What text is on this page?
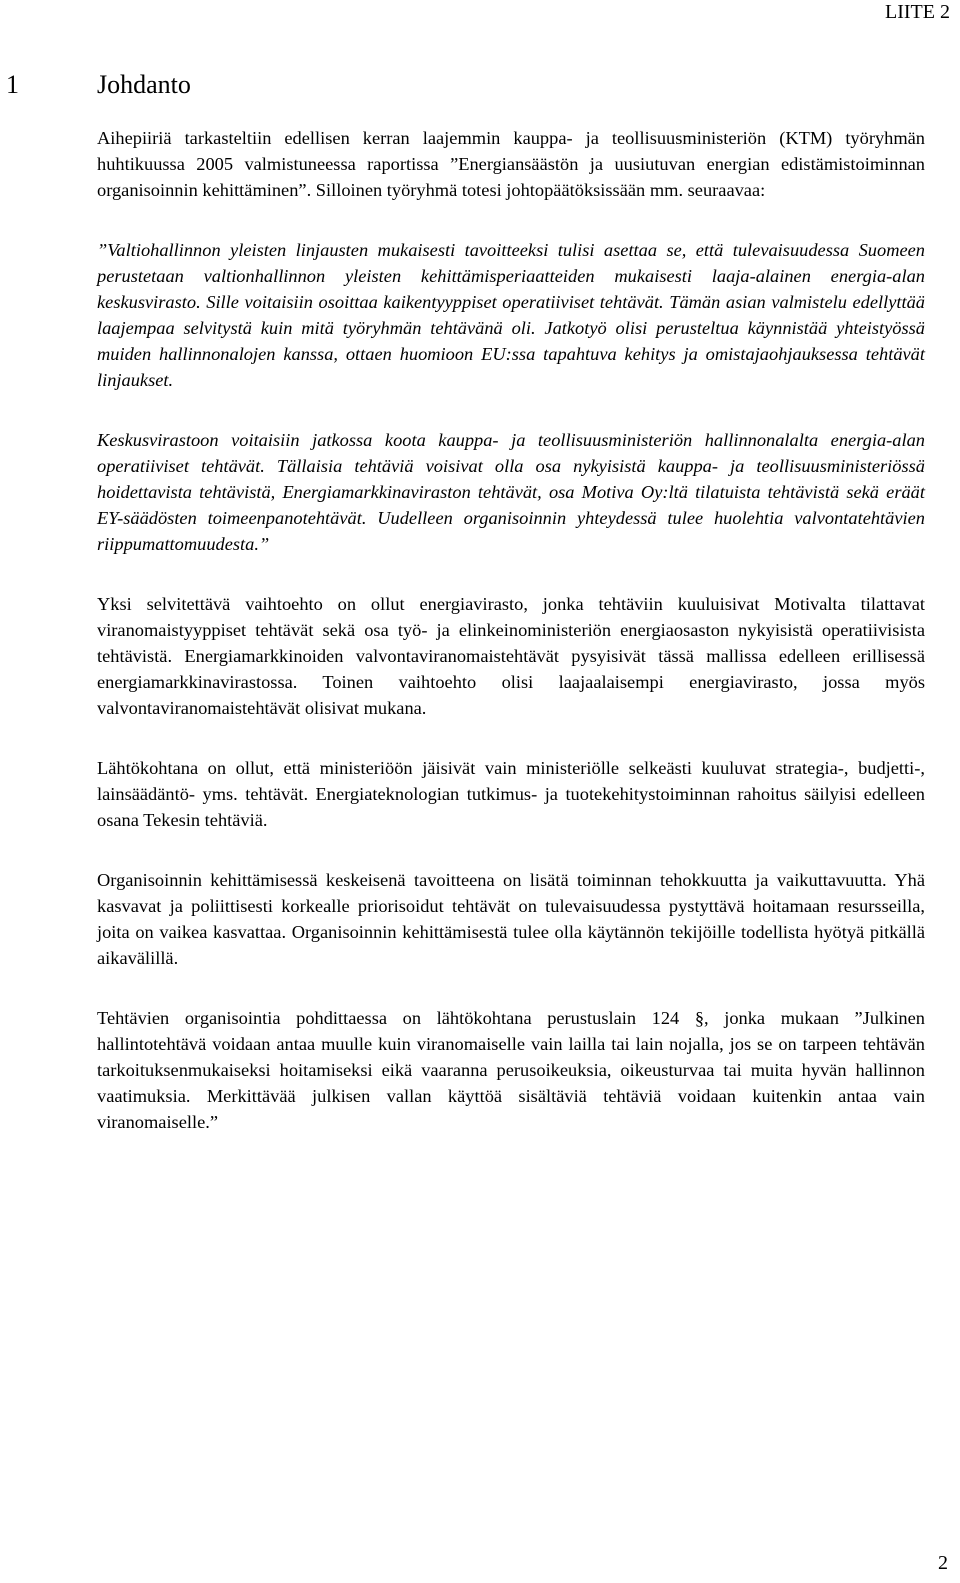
LIITE 2
1	Johdanto

Aihepiiriä tarkasteltiin edellisen kerran laajemmin kauppa- ja teollisuusministeriön (KTM) työryhmän huhtikuussa 2005 valmistuneessa raportissa ”Energiansäästön ja uusiutuvan energian edistämistoiminnan organisoinnin kehittäminen”. Silloinen työryhmä totesi johtopäätöksissään mm. seuraavaa:

”Valtiohallinnon yleisten linjausten mukaisesti tavoitteeksi tulisi asettaa se, että tulevaisuudessa Suomeen perustetaan valtionhallinnon yleisten kehittämisperiaatteiden mukaisesti laaja-alainen energia-alan keskusvirasto. Sille voitaisiin osoittaa kaikentyyppiset operatiiviset tehtävät. Tämän asian valmistelu edellyttää laajempaa selvitystä kuin mitä työryhmän tehtävänä oli. Jatkotyö olisi perusteltua käynnistää yhteistyössä muiden hallinnonalojen kanssa, ottaen huomioon EU:ssa tapahtuva kehitys ja omistajaohjauksessa tehtävät linjaukset.

Keskusvirastoon voitaisiin jatkossa koota kauppa- ja teollisuusministeriön hallinnonalalta energia-alan operatiiviset tehtävät. Tällaisia tehtäviä voisivat olla osa nykyisistä kauppa- ja teollisuusministeriössä hoidettavista tehtävistä, Energiamarkkinaviraston tehtävät, osa Motiva Oy:ltä tilatuista tehtävistä sekä eräät EY-säädösten toimeenpanotehtävät. Uudelleen organisoinnin yhteydessä tulee huolehtia valvontatehtävien riippumattomuudesta.”

Yksi selvitettävä vaihtoehto on ollut energiavirasto, jonka tehtäviin kuuluisivat Motivalta tilattavat viranomaistyyppiset tehtävät sekä osa työ- ja elinkeinoministeriön energiaosaston nykyisistä operatiivisista tehtävistä. Energiamarkkinoiden valvontaviranomaistehtävät pysyisivät tässä mallissa edelleen erillisessä energiamarkkinavirastossa. Toinen vaihtoehto olisi laajaalaisempi energiavirasto, jossa myös valvontaviranomaistehtävät olisivat mukana.

Lähtökohtana on ollut, että ministeriöön jäisivät vain ministeriölle selkeästi kuuluvat strategia-, budjetti-, lainsäädäntö- yms. tehtävät. Energiateknologian tutkimus- ja tuotekehitystoiminnan rahoitus säilyisi edelleen osana Tekesin tehtäviä.

Organisoinnin kehittämisessä keskeisenä tavoitteena on lisätä toiminnan tehokkuutta ja vaikuttavuutta. Yhä kasvavat ja poliittisesti korkealle priorisoidut tehtävät on tulevaisuudessa pystyttävä hoitamaan resursseilla, joita on vaikea kasvattaa. Organisoinnin kehittämisestä tulee olla käytännön tekijöille todellista hyötyä pitkällä aikavälillä.

Tehtävien organisointia pohdittaessa on lähtökohtana perustuslain 124 §, jonka mukaan ”Julkinen hallintotehtävä voidaan antaa muulle kuin viranomaiselle vain lailla tai lain nojalla, jos se on tarpeen tehtävän tarkoituksenmukaiseksi hoitamiseksi eikä vaaranna perusoikeuksia, oikeusturvaa tai muita hyvän hallinnon vaatimuksia. Merkittävää julkisen vallan käyttöä sisältäviä tehtäviä voidaan kuitenkin antaa vain viranomaiselle.”

2
